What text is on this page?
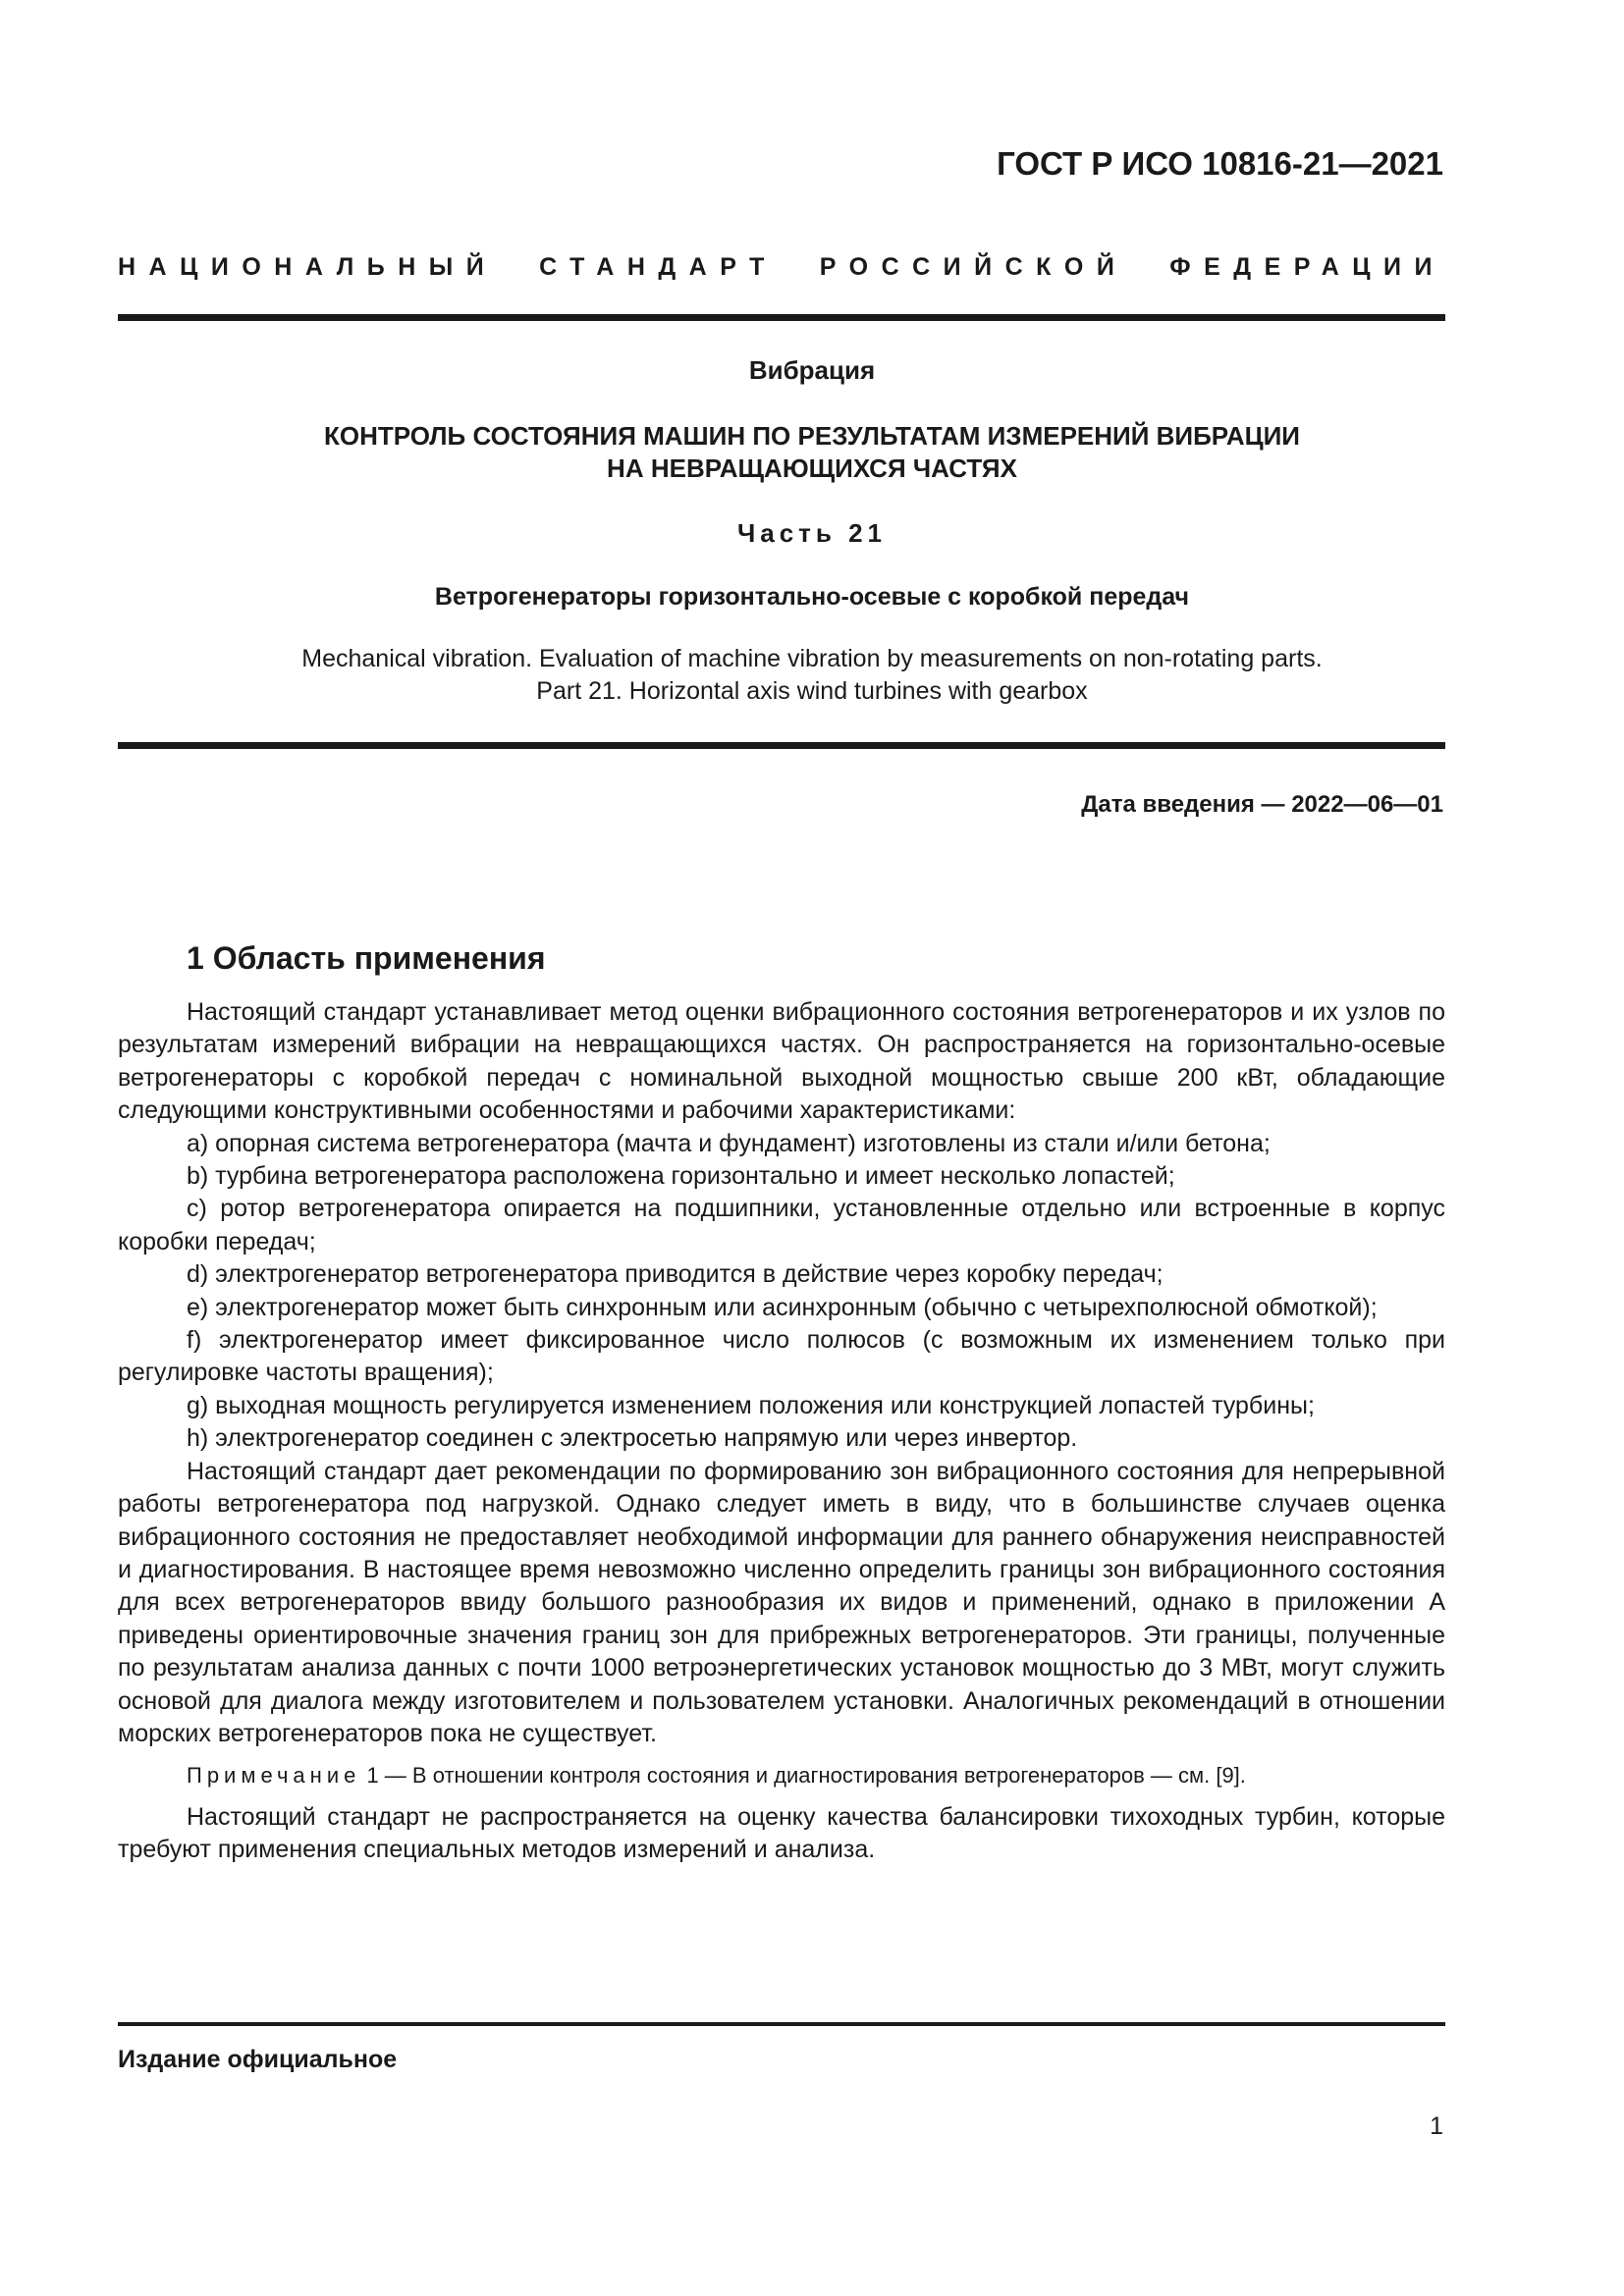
ГОСТ Р ИСО 10816-21—2021
НАЦИОНАЛЬНЫЙ СТАНДАРТ РОССИЙСКОЙ ФЕДЕРАЦИИ
Вибрация
КОНТРОЛЬ СОСТОЯНИЯ МАШИН ПО РЕЗУЛЬТАТАМ ИЗМЕРЕНИЙ ВИБРАЦИИ
НА НЕВРАЩАЮЩИХСЯ ЧАСТЯХ
Часть 21
Ветрогенераторы горизонтально-осевые с коробкой передач
Mechanical vibration. Evaluation of machine vibration by measurements on non-rotating parts.
Part 21. Horizontal axis wind turbines with gearbox
Дата введения — 2022—06—01
1 Область применения

Настоящий стандарт устанавливает метод оценки вибрационного состояния ветрогенераторов и их узлов по результатам измерений вибрации на невращающихся частях. Он распространяется на горизонтально-осевые ветрогенераторы с коробкой передач с номинальной выходной мощностью свыше 200 кВт, обладающие следующими конструктивными особенностями и рабочими характеристиками:

a) опорная система ветрогенератора (мачта и фундамент) изготовлены из стали и/или бетона;

b) турбина ветрогенератора расположена горизонтально и имеет несколько лопастей;

c) ротор ветрогенератора опирается на подшипники, установленные отдельно или встроенные в корпус коробки передач;

d) электрогенератор ветрогенератора приводится в действие через коробку передач;

e) электрогенератор может быть синхронным или асинхронным (обычно с четырехполюсной обмоткой);

f) электрогенератор имеет фиксированное число полюсов (с возможным их изменением только при регулировке частоты вращения);

g) выходная мощность регулируется изменением положения или конструкцией лопастей турбины;

h) электрогенератор соединен с электросетью напрямую или через инвертор.

Настоящий стандарт дает рекомендации по формированию зон вибрационного состояния для непрерывной работы ветрогенератора под нагрузкой. Однако следует иметь в виду, что в большинстве случаев оценка вибрационного состояния не предоставляет необходимой информации для раннего обнаружения неисправностей и диагностирования. В настоящее время невозможно численно определить границы зон вибрационного состояния для всех ветрогенераторов ввиду большого разнообразия их видов и применений, однако в приложении А приведены ориентировочные значения границ зон для прибрежных ветрогенераторов. Эти границы, полученные по результатам анализа данных с почти 1000 ветроэнергетических установок мощностью до 3 МВт, могут служить основой для диалога между изготовителем и пользователем установки. Аналогичных рекомендаций в отношении морских ветрогенераторов пока не существует.

Примечание 1 — В отношении контроля состояния и диагностирования ветрогенераторов — см. [9].

Настоящий стандарт не распространяется на оценку качества балансировки тихоходных турбин, которые требуют применения специальных методов измерений и анализа.

Издание официальное
1
